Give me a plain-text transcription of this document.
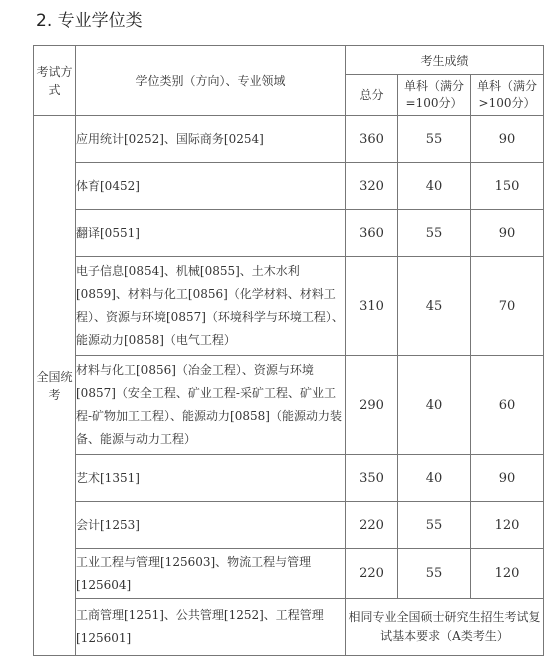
2. 专业学位类
考试方式	学位类别（方向）、专业领域	考生成绩		
		总分	单科（满分=100分）	单科（满分>100分）
全国统考	应用统计[0252]、国际商务[0254]	360	55	90
	体育[0452]	320	40	150
	翻译[0551]	360	55	90
	电子信息[0854]、机械[0855]、土木水利[0859]、材料与化工[0856]（化学材料、材料工程）、资源与环境[0857]（环境科学与环境工程）、能源动力[0858]（电气工程）	310	45	70
	材料与化工[0856]（冶金工程）、资源与环境[0857]（安全工程、矿业工程-采矿工程、矿业工程-矿物加工工程）、能源动力[0858]（能源动力装备、能源与动力工程）	290	40	60
	艺术[1351]	350	40	90
	会计[1253]	220	55	120
	工业工程与管理[125603]、物流工程与管理[125604]	220	55	120
	工商管理[1251]、公共管理[1252]、工程管理[125601]	相同专业全国硕士研究生招生考试复试基本要求（A类考生）		
